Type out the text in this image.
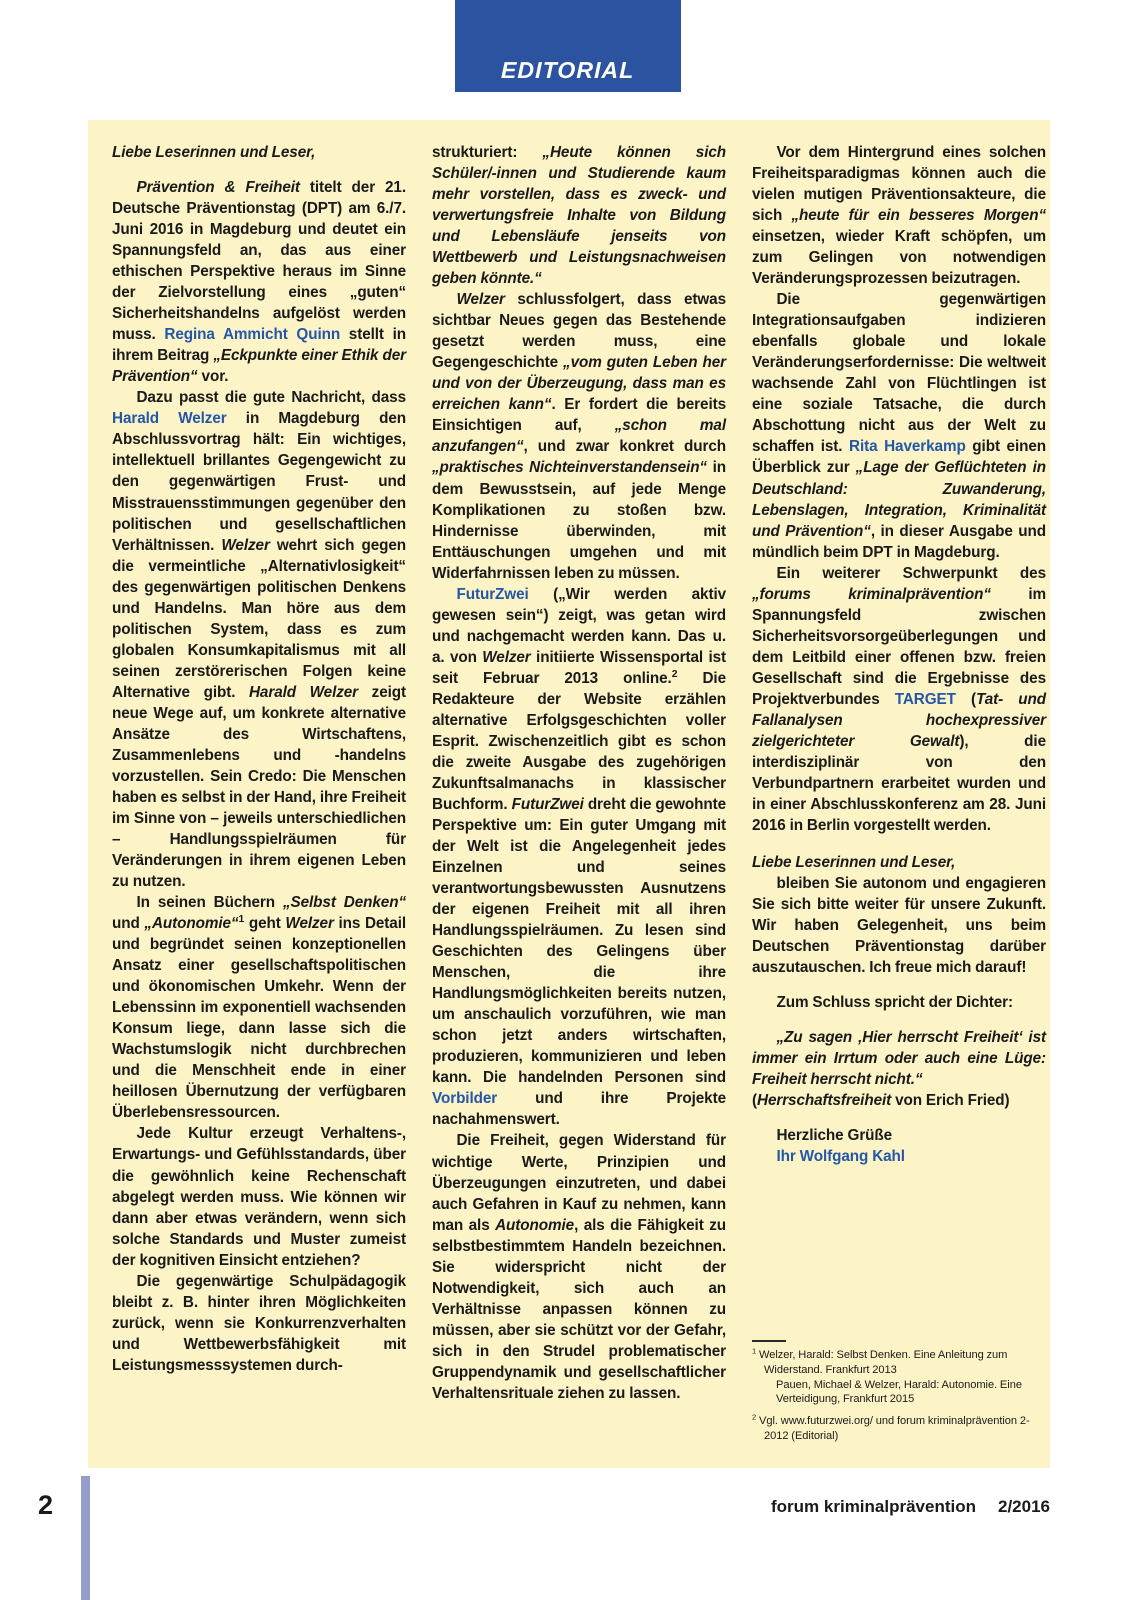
EDITORIAL

Liebe Leserinnen und Leser,

Prävention & Freiheit titelt der 21. Deutsche Präventionstag (DPT) am 6./7. Juni 2016 in Magdeburg und deutet ein Spannungsfeld an, das aus einer ethischen Perspektive heraus im Sinne der Zielvorstellung eines „guten“ Sicherheitshandelns aufgelöst werden muss. Regina Ammicht Quinn stellt in ihrem Beitrag „Eckpunkte einer Ethik der Prävention“ vor.

Dazu passt die gute Nachricht, dass Harald Welzer in Magdeburg den Abschlussvortrag hält: Ein wichtiges, intellektuell brillantes Gegengewicht zu den gegenwärtigen Frust- und Misstrauensstimmungen gegenüber den politischen und gesellschaftlichen Verhältnissen. Welzer wehrt sich gegen die vermeintliche „Alternativlosigkeit“ des gegenwärtigen politischen Denkens und Handelns. Man höre aus dem politischen System, dass es zum globalen Konsumkapitalismus mit all seinen zerstörerischen Folgen keine Alternative gibt. Harald Welzer zeigt neue Wege auf, um konkrete alternative Ansätze des Wirtschaftens, Zusammenlebens und -handelns vorzustellen. Sein Credo: Die Menschen haben es selbst in der Hand, ihre Freiheit im Sinne von – jeweils unterschiedlichen – Handlungsspielräumen für Veränderungen in ihrem eigenen Leben zu nutzen.

In seinen Büchern „Selbst Denken“ und „Autonomie“$^1$ geht Welzer ins Detail und begründet seinen konzeptionellen Ansatz einer gesellschaftspolitischen und ökonomischen Umkehr. Wenn der Lebenssinn im exponentiell wachsenden Konsum liege, dann lasse sich die Wachstumslogik nicht durchbrechen und die Menschheit ende in einer heillosen Übernutzung der verfügbaren Überlebensressourcen.

Jede Kultur erzeugt Verhaltens-, Erwartungs- und Gefühlsstandards, über die gewöhnlich keine Rechenschaft abgelegt werden muss. Wie können wir dann aber etwas verändern, wenn sich solche Standards und Muster zumeist der kognitiven Einsicht entziehen?

Die gegenwärtige Schulpädagogik bleibt z. B. hinter ihren Möglichkeiten zurück, wenn sie Konkurrenzverhalten und Wettbewerbsfähigkeit mit Leistungsmesssystemen durch-

strukturiert: „Heute können sich Schüler/-innen und Studierende kaum mehr vorstellen, dass es zweck- und verwertungsfreie Inhalte von Bildung und Lebensläufe jenseits von Wettbewerb und Leistungsnachweisen geben könnte.“

Welzer schlussfolgert, dass etwas sichtbar Neues gegen das Bestehende gesetzt werden muss, eine Gegengeschichte „vom guten Leben her und von der Überzeugung, dass man es erreichen kann“. Er fordert die bereits Einsichtigen auf, „schon mal anzufangen“, und zwar konkret durch „praktisches Nichteinverstandensein“ in dem Bewusstsein, auf jede Menge Komplikationen zu stoßen bzw. Hindernisse überwinden, mit Enttäuschungen umgehen und mit Widerfahrnissen leben zu müssen.

FuturZwei („Wir werden aktiv gewesen sein“) zeigt, was getan wird und nachgemacht werden kann. Das u. a. von Welzer initiierte Wissensportal ist seit Februar 2013 online.$^2$ Die Redakteure der Website erzählen alternative Erfolgsgeschichten voller Esprit. Zwischenzeitlich gibt es schon die zweite Ausgabe des zugehörigen Zukunftsalmanachs in klassischer Buchform. FuturZwei dreht die gewohnte Perspektive um: Ein guter Umgang mit der Welt ist die Angelegenheit jedes Einzelnen und seines verantwortungsbewussten Ausnutzens der eigenen Freiheit mit all ihren Handlungsspielräumen. Zu lesen sind Geschichten des Gelingens über Menschen, die ihre Handlungsmöglichkeiten bereits nutzen, um anschaulich vorzuführen, wie man schon jetzt anders wirtschaften, produzieren, kommunizieren und leben kann. Die handelnden Personen sind Vorbilder und ihre Projekte nachahmenswert.

Die Freiheit, gegen Widerstand für wichtige Werte, Prinzipien und Überzeugungen einzutreten, und dabei auch Gefahren in Kauf zu nehmen, kann man als Autonomie, als die Fähigkeit zu selbstbestimmtem Handeln bezeichnen. Sie widerspricht nicht der Notwendigkeit, sich auch an Verhältnisse anpassen können zu müssen, aber sie schützt vor der Gefahr, sich in den Strudel problematischer Gruppendynamik und gesellschaftlicher Verhaltensrituale ziehen zu lassen.

Vor dem Hintergrund eines solchen Freiheitsparadigmas können auch die vielen mutigen Präventionsakteure, die sich „heute für ein besseres Morgen“ einsetzen, wieder Kraft schöpfen, um zum Gelingen von notwendigen Veränderungsprozessen beizutragen.

Die gegenwärtigen Integrationsaufgaben indizieren ebenfalls globale und lokale Veränderungserfordernisse: Die weltweit wachsende Zahl von Flüchtlingen ist eine soziale Tatsache, die durch Abschottung nicht aus der Welt zu schaffen ist. Rita Haverkamp gibt einen Überblick zur „Lage der Geflüchteten in Deutschland: Zuwanderung, Lebenslagen, Integration, Kriminalität und Prävention“, in dieser Ausgabe und mündlich beim DPT in Magdeburg.

Ein weiterer Schwerpunkt des „forums kriminalprävention“ im Spannungsfeld zwischen Sicherheitsvorsorgeüberlegungen und dem Leitbild einer offenen bzw. freien Gesellschaft sind die Ergebnisse des Projektverbundes TARGET (Tat- und Fallanalysen hochexpressiver zielgerichteter Gewalt), die interdisziplinär von den Verbundpartnern erarbeitet wurden und in einer Abschlusskonferenz am 28. Juni 2016 in Berlin vorgestellt werden.

Liebe Leserinnen und Leser,

bleiben Sie autonom und engagieren Sie sich bitte weiter für unsere Zukunft. Wir haben Gelegenheit, uns beim Deutschen Präventionstag darüber auszutauschen. Ich freue mich darauf!

Zum Schluss spricht der Dichter:

„Zu sagen ‚Hier herrscht Freiheit‘ ist immer ein Irrtum oder auch eine Lüge: Freiheit herrscht nicht.“

(Herrschaftsfreiheit von Erich Fried)

Herzliche Grüße

Ihr Wolfgang Kahl

$^1$ Welzer, Harald: Selbst Denken. Eine Anleitung zum Widerstand. Frankfurt 2013
Pauen, Michael & Welzer, Harald: Autonomie. Eine Verteidigung, Frankfurt 2015

$^2$ Vgl. www.futurzwei.org/ und forum kriminalprävention 2-2012 (Editorial)

2	forum kriminalprävention 2/2016
